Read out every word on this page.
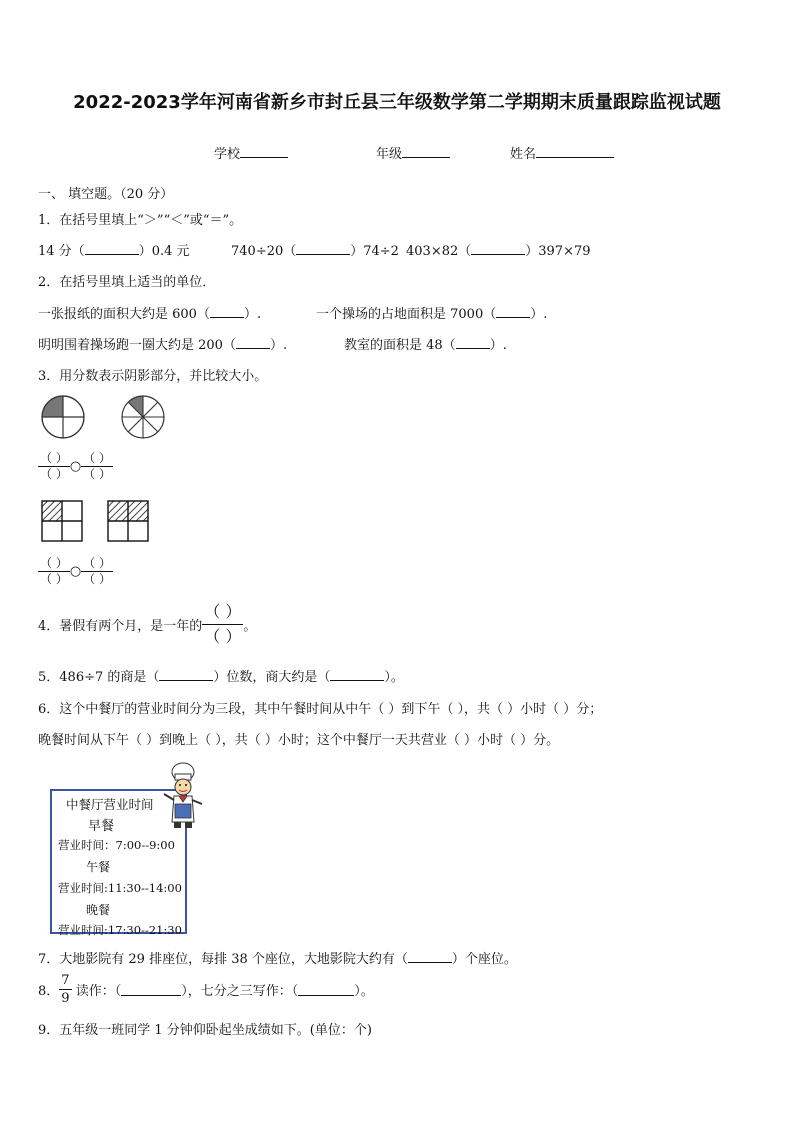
2022-2023学年河南省新乡市封丘县三年级数学第二学期期末质量跟踪监视试题
学校	年级	姓名
一、 填空题。（20 分）
1．在括号里填上“＞”“＜”或“＝”。
14 分（	）0.4 元	740÷20（	）74÷2 403×82（	）397×79
2．在括号里填上适当的单位．
一张报纸的面积大约是 600（	）.	一个操场的占地面积是 7000（	）.
明明围着操场跑一圈大约是 200（	）.	教室的面积是 48（	）.
3．用分数表示阴影部分，并比较大小。
$\frac{( )}{( )}$ ○ $\frac{( )}{( )}$
$\frac{( )}{( )}$ ○ $\frac{( )}{( )}$
4．暑假有两个月，是一年的 $\frac{( )}{( )}$ 。
5．486÷7 的商是（	）位数，商大约是（	）。
6．这个中餐厅的营业时间分为三段，其中午餐时间从中午（ ）到下午（ ），共（ ）小时（ ）分；
晚餐时间从下午（ ）到晚上（ ），共（ ）小时；这个中餐厅一天共营业（ ）小时（ ）分。
中餐厅营业时间
早餐
营业时间：7:00--9:00
午餐
营业时间:11:30--14:00
晚餐
营业时间:17:30--21:30
7．大地影院有 29 排座位，每排 38 个座位，大地影院大约有（	）个座位。
8． $\frac{7}{9}$ 读作：（	），七分之三写作：（	）。
9．五年级一班同学 1 分钟仰卧起坐成绩如下。(单位：个)
